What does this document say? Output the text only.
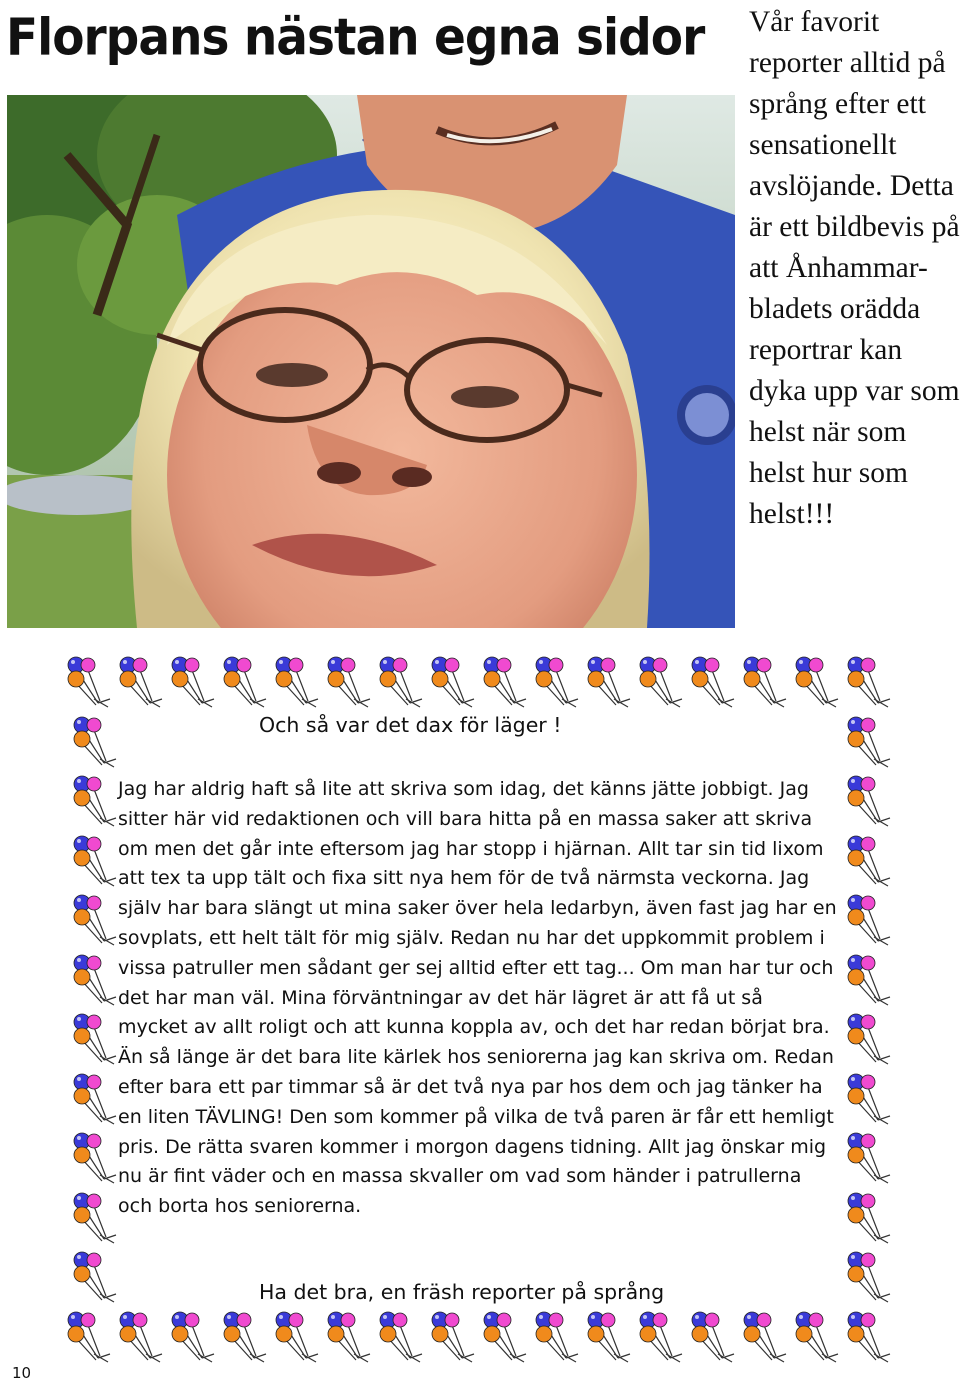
Florpans nästan egna sidor Vår favorit reporter alltid på språng efter ett sensationellt avslöjande. Detta är ett bildbevis på att Ånhammar-bladets orädda reportrar kan dyka upp var som helst när som helst hur som helst!!!
Och så var det dax för läger !

Jag har aldrig haft så lite att skriva som idag, det känns jätte jobbigt. Jag sitter här vid redaktionen och vill bara hitta på en massa saker att skriva om men det går inte eftersom jag har stopp i hjärnan. Allt tar sin tid lixom att tex ta upp tält och fixa sitt nya hem för de två närmsta veckorna. Jag själv har bara slängt ut mina saker över hela ledarbyn, även fast jag har en sovplats, ett helt tält för mig själv. Redan nu har det uppkommit problem i vissa patruller men sådant ger sej alltid efter ett tag... Om man har tur och det har man väl. Mina förväntningar av det här lägret är att få ut så mycket av allt roligt och att kunna koppla av, och det har redan börjat bra. Än så länge är det bara lite kärlek hos seniorerna jag kan skriva om. Redan efter bara ett par timmar så är det två nya par hos dem och jag tänker ha en liten TÄVLING! Den som kommer på vilka de två paren är får ett hemligt pris. De rätta svaren kommer i morgon dagens tidning. Allt jag önskar mig nu är fint väder och en massa skvaller om vad som händer i patrullerna och borta hos seniorerna.

Ha det bra, en fräsh reporter på språng
10
